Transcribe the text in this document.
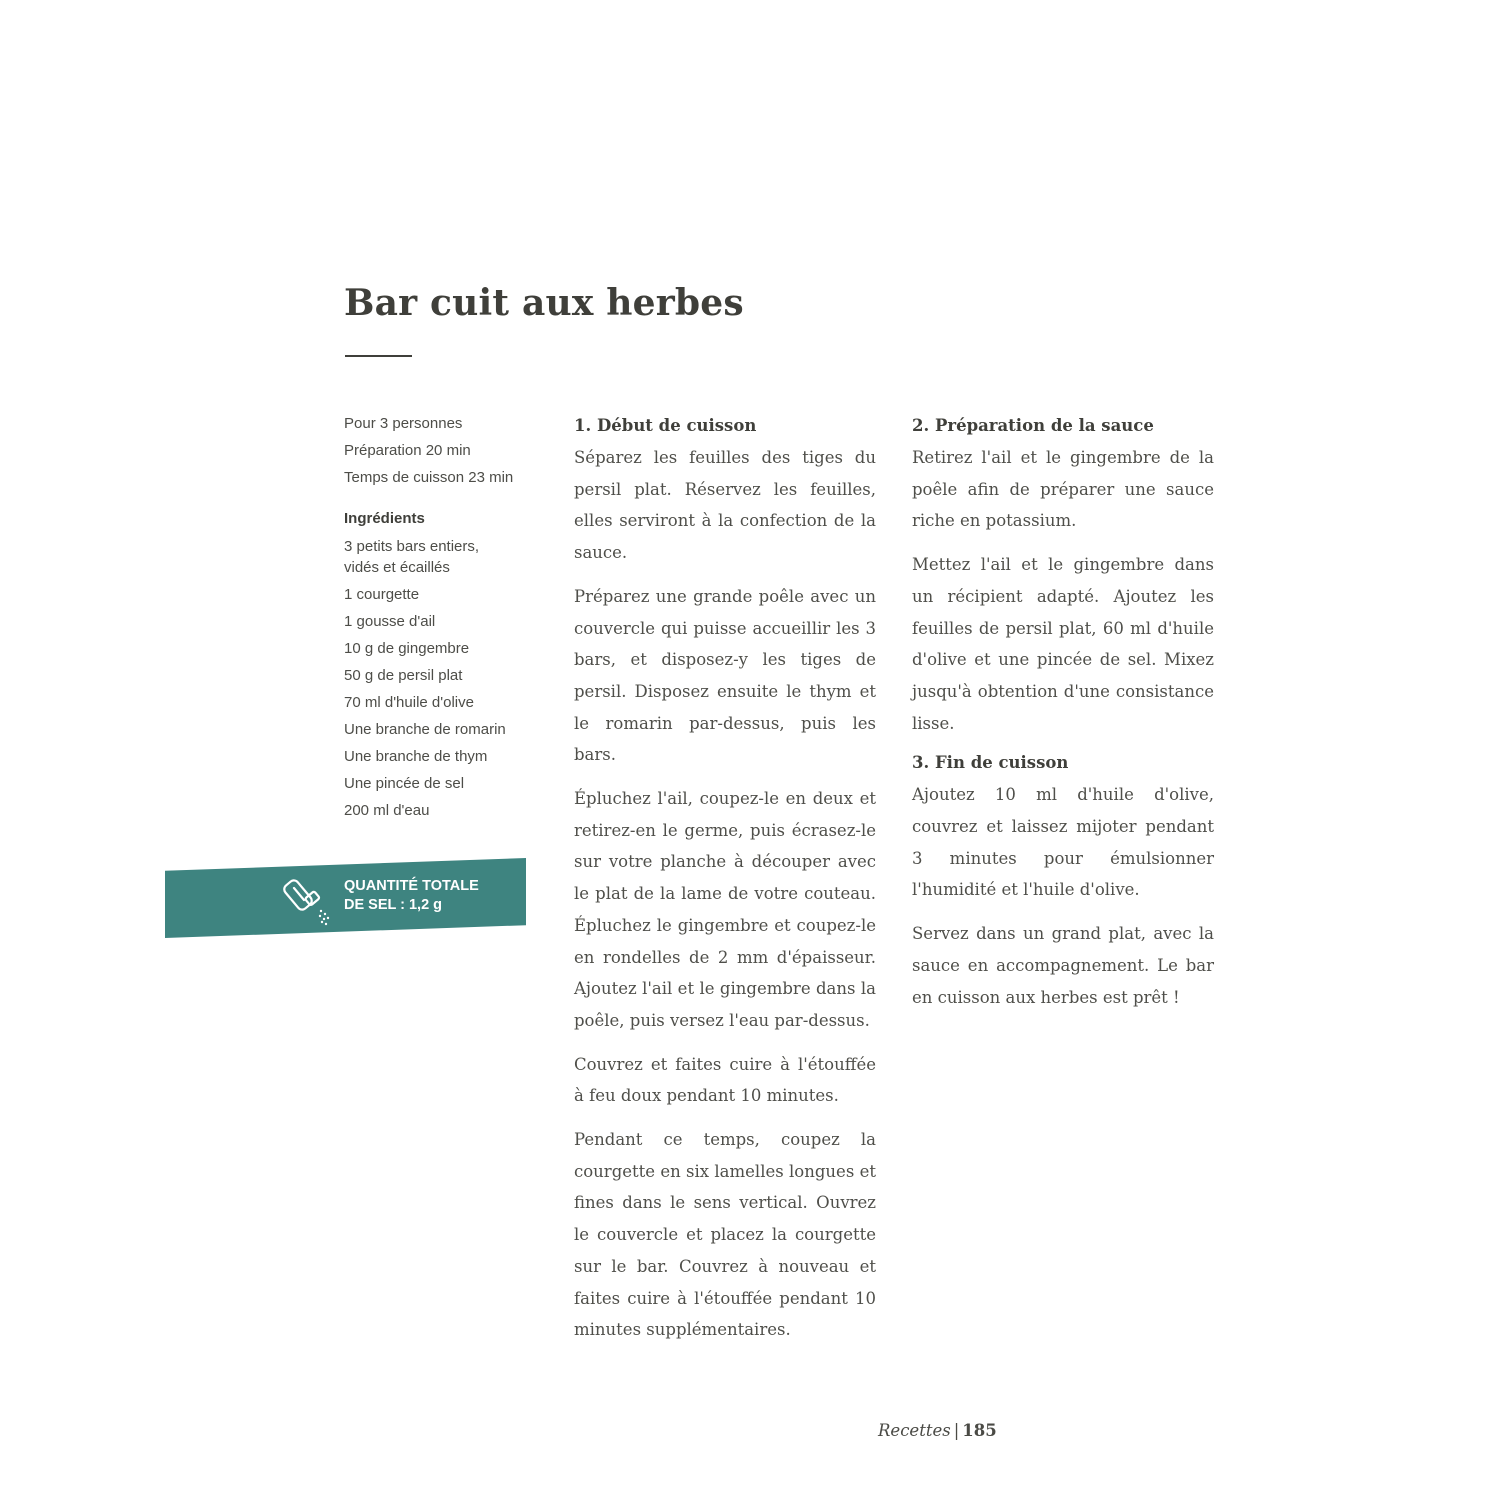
Bar cuit aux herbes
Pour 3 personnes
Préparation 20 min
Temps de cuisson 23 min
Ingrédients
3 petits bars entiers, vidés et écaillés
1 courgette
1 gousse d'ail
10 g de gingembre
50 g de persil plat
70 ml d'huile d'olive
Une branche de romarin
Une branche de thym
Une pincée de sel
200 ml d'eau
QUANTITÉ TOTALE
DE SEL : 1,2 g
1. Début de cuisson

Séparez les feuilles des tiges du persil plat. Réservez les feuilles, elles serviront à la confection de la sauce.

Préparez une grande poêle avec un couvercle qui puisse accueillir les 3 bars, et disposez-y les tiges de persil. Disposez ensuite le thym et le romarin par-dessus, puis les bars.

Épluchez l'ail, coupez-le en deux et retirez-en le germe, puis écrasez-le sur votre planche à découper avec le plat de la lame de votre couteau. Épluchez le gingembre et coupez-le en rondelles de 2 mm d'épaisseur. Ajoutez l'ail et le gingembre dans la poêle, puis versez l'eau par-dessus.

Couvrez et faites cuire à l'étouffée à feu doux pendant 10 minutes.

Pendant ce temps, coupez la courgette en six lamelles longues et fines dans le sens vertical. Ouvrez le couvercle et placez la courgette sur le bar. Couvrez à nouveau et faites cuire à l'étouffée pendant 10 minutes supplémentaires.

2. Préparation de la sauce

Retirez l'ail et le gingembre de la poêle afin de préparer une sauce riche en potassium.

Mettez l'ail et le gingembre dans un récipient adapté. Ajoutez les feuilles de persil plat, 60 ml d'huile d'olive et une pincée de sel. Mixez jusqu'à obtention d'une consistance lisse.

3. Fin de cuisson

Ajoutez 10 ml d'huile d'olive, couvrez et laissez mijoter pendant 3 minutes pour émulsionner l'humidité et l'huile d'olive.

Servez dans un grand plat, avec la sauce en accompagnement. Le bar en cuisson aux herbes est prêt !

Recettes | 185
